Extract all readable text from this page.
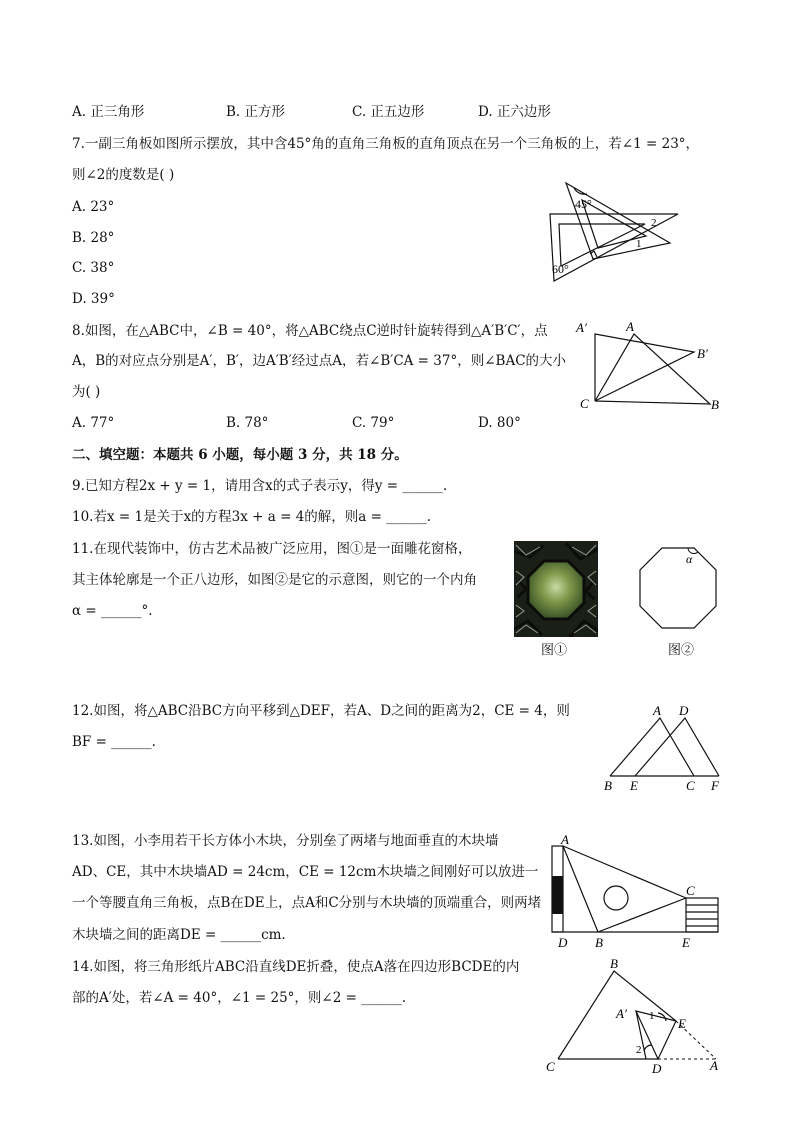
A. 正三角形	B. 正方形	C. 正五边形	D. 正六边形
7.一副三角板如图所示摆放，其中含45°角的直角三角板的直角顶点在另一个三角板的上，若∠1 = 23°，
则∠2的度数是( )
A. 23°
B. 28°
C. 38°
D. 39°
45°
60°
1
2
8.如图，在△ABC中，∠B = 40°，将△ABC绕点C逆时针旋转得到△A′B′C′，点
A，B的对应点分别是A′，B′，边A′B′经过点A，若∠B′CA = 37°，则∠BAC的大小
为( )
A. 77°	B. 78°	C. 79°	D. 80°
A′	A
B′
C	B
二、填空题：本题共 6 小题，每小题 3 分，共 18 分。
9.已知方程2x + y = 1，请用含x的式子表示y，得y = ______.
10.若x = 1是关于x的方程3x + a = 4的解，则a = ______.
11.在现代装饰中，仿古艺术品被广泛应用，图①是一面雕花窗格，
其主体轮廓是一个正八边形，如图②是它的示意图，则它的一个内角
α = ______°.
图①
α
图②
12.如图，将△ABC沿BC方向平移到△DEF，若A、D之间的距离为2，CE = 4，则
BF = ______.
A D
B E	C F
13.如图，小李用若干长方体小木块，分别垒了两堵与地面垂直的木块墙
AD、CE，其中木块墙AD = 24cm，CE = 12cm木块墙之间刚好可以放进一
一个等腰直角三角板，点B在DE上，点A和C分别与木块墙的顶端重合，则两堵
木块墙之间的距离DE = ______cm.
A
C
D B	E
14.如图，将三角形纸片ABC沿直线DE折叠，使点A落在四边形BCDE的内
部的A′处，若∠A = 40°，∠1 = 25°，则∠2 = ______.
B
A′ 1 E
2
C	D	A
